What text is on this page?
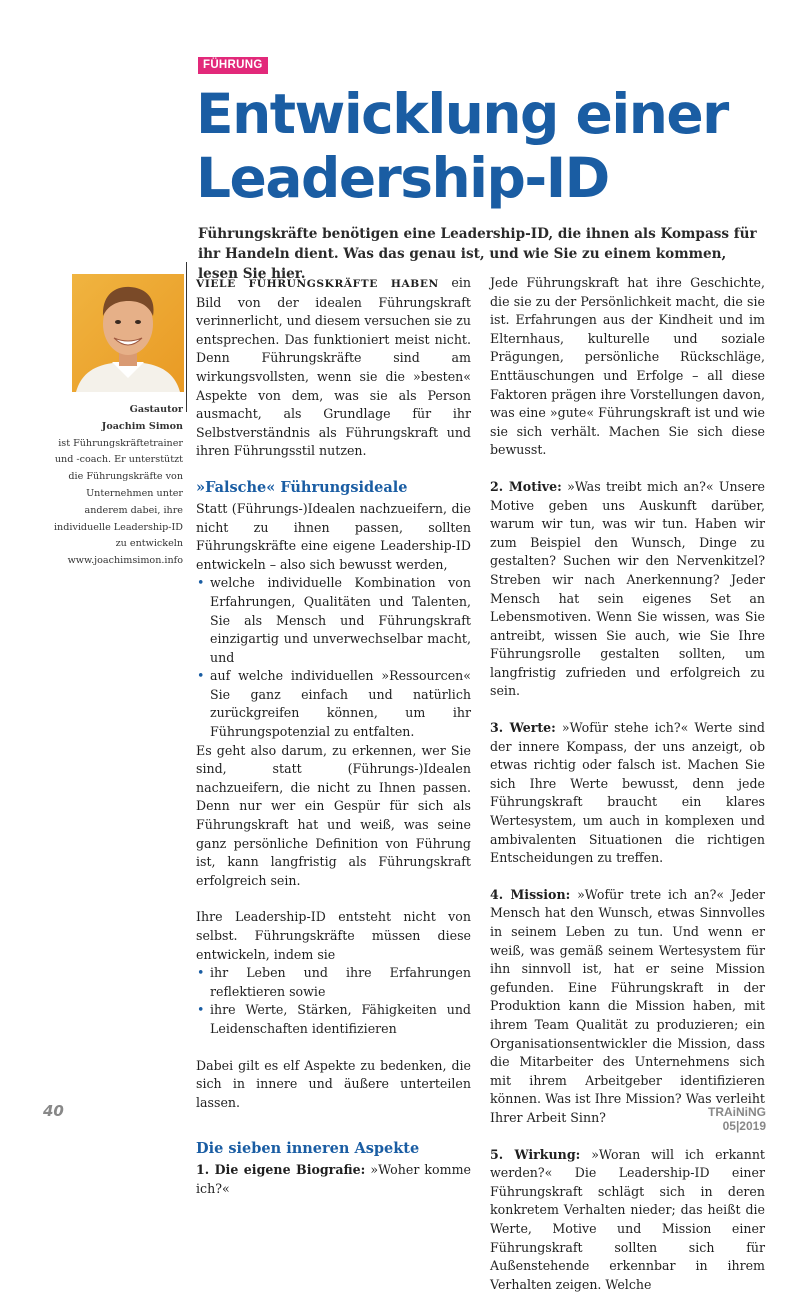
FÜHRUNG
Entwicklung einer Leadership-ID

Führungskräfte benötigen eine Leadership-ID, die ihnen als Kompass für ihr Handeln dient. Was das genau ist, und wie Sie zu einem kommen, lesen Sie hier.

Gastautor
Joachim Simon
ist Führungskräftetrainer und -coach. Er unterstützt die Führungskräfte von Unternehmen unter anderem dabei, ihre individuelle Leadership-ID zu entwickeln
www.joachimsimon.info

VIELE FÜHRUNGSKRÄFTE HABEN ein Bild von der idealen Führungskraft verinnerlicht, und diesem versuchen sie zu entsprechen. Das funktioniert meist nicht. Denn Führungskräfte sind am wirkungsvollsten, wenn sie die »besten« Aspekte von dem, was sie als Person ausmacht, als Grundlage für ihr Selbstverständnis als Führungskraft und ihren Führungsstil nutzen.

»Falsche« Führungsideale

Statt (Führungs-)Idealen nachzueifern, die nicht zu ihnen passen, sollten Führungskräfte eine eigene Leadership-ID entwickeln – also sich bewusst werden,

• welche individuelle Kombination von Erfahrungen, Qualitäten und Talenten, Sie als Mensch und Führungskraft einzigartig und unverwechselbar macht, und
• auf welche individuellen »Ressourcen« Sie ganz einfach und natürlich zurückgreifen können, um ihr Führungspotenzial zu entfalten.

Es geht also darum, zu erkennen, wer Sie sind, statt (Führungs-)Idealen nachzueifern, die nicht zu Ihnen passen. Denn nur wer ein Gespür für sich als Führungskraft hat und weiß, was seine ganz persönliche Definition von Führung ist, kann langfristig als Führungskraft erfolgreich sein.

Ihre Leadership-ID entsteht nicht von selbst. Führungskräfte müssen diese entwickeln, indem sie

• ihr Leben und ihre Erfahrungen reflektieren sowie
• ihre Werte, Stärken, Fähigkeiten und Leidenschaften identifizieren

Dabei gilt es elf Aspekte zu bedenken, die sich in innere und äußere unterteilen lassen.

Die sieben inneren Aspekte

1. Die eigene Biografie: »Woher komme ich?«

Jede Führungskraft hat ihre Geschichte, die sie zu der Persönlichkeit macht, die sie ist. Erfahrungen aus der Kindheit und im Elternhaus, kulturelle und soziale Prägungen, persönliche Rückschläge, Enttäuschungen und Erfolge – all diese Faktoren prägen ihre Vorstellungen davon, was eine »gute« Führungskraft ist und wie sie sich verhält. Machen Sie sich diese bewusst.

2. Motive: »Was treibt mich an?« Unsere Motive geben uns Auskunft darüber, warum wir tun, was wir tun. Haben wir zum Beispiel den Wunsch, Dinge zu gestalten? Suchen wir den Nervenkitzel? Streben wir nach Anerkennung? Jeder Mensch hat sein eigenes Set an Lebensmotiven. Wenn Sie wissen, was Sie antreibt, wissen Sie auch, wie Sie Ihre Führungsrolle gestalten sollten, um langfristig zufrieden und erfolgreich zu sein.

3. Werte: »Wofür stehe ich?« Werte sind der innere Kompass, der uns anzeigt, ob etwas richtig oder falsch ist. Machen Sie sich Ihre Werte bewusst, denn jede Führungskraft braucht ein klares Wertesystem, um auch in komplexen und ambivalenten Situationen die richtigen Entscheidungen zu treffen.

4. Mission: »Wofür trete ich an?« Jeder Mensch hat den Wunsch, etwas Sinnvolles in seinem Leben zu tun. Und wenn er weiß, was gemäß seinem Wertesystem für ihn sinnvoll ist, hat er seine Mission gefunden. Eine Führungskraft in der Produktion kann die Mission haben, mit ihrem Team Qualität zu produzieren; ein Organisationsentwickler die Mission, dass die Mitarbeiter des Unternehmens sich mit ihrem Arbeitgeber identifizieren können. Was ist Ihre Mission? Was verleiht Ihrer Arbeit Sinn?

5. Wirkung: »Woran will ich erkannt werden?« Die Leadership-ID einer Führungskraft schlägt sich in deren konkretem Verhalten nieder; das heißt die Werte, Motive und Mission einer Führungskraft sollten sich für Außenstehende erkennbar in ihrem Verhalten zeigen. Welche

40	TRAiNiNG 05|2019
